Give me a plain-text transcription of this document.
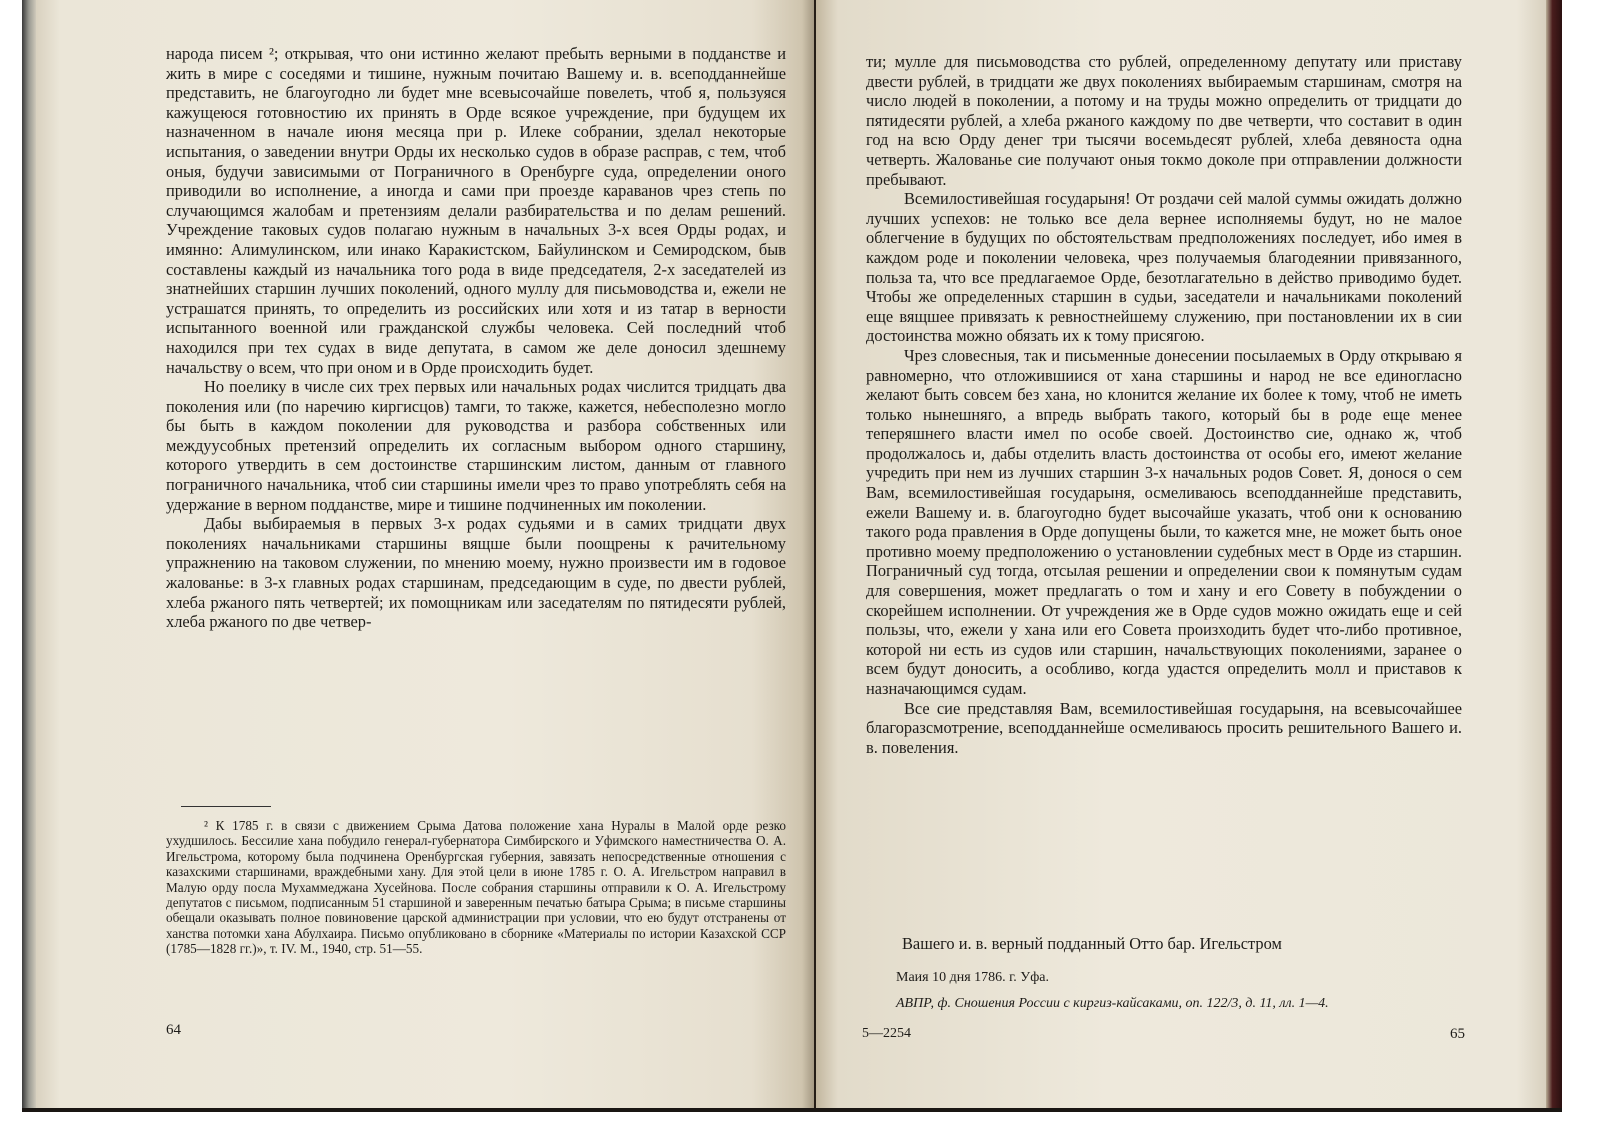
народа писем ²; открывая, что они истинно желают пребыть верными в подданстве и жить в мире с соседями и тишине, нужным почитаю Вашему и. в. всеподданнейше представить, не благоугодно ли будет мне всевысочайше повелеть, чтоб я, пользуяся кажущеюся готовностию их принять в Орде всякое учреждение, при будущем их назначенном в начале июня месяца при р. Илеке собрании, зделал некоторые испытания, о заведении внутри Орды их несколько судов в образе расправ, с тем, чтоб оныя, будучи зависимыми от Пограничного в Оренбурге суда, определении оного приводили во исполнение, а иногда и сами при проезде караванов чрез степь по случающимся жалобам и претензиям делали разбирательства и по делам решений. Учреждение таковых судов полагаю нужным в начальных 3-х всея Орды родах, и имянно: Алимулинском, или инако Каракистском, Байулинском и Семиродском, быв составлены каждый из начальника того рода в виде председателя, 2-х заседателей из знатнейших старшин лучших поколений, одного муллу для письмоводства и, ежели не устрашатся принять, то определить из российских или хотя и из татар в верности испытанного военной или гражданской службы человека. Сей последний чтоб находился при тех судах в виде депутата, в самом же деле доносил здешнему начальству о всем, что при оном и в Орде происходить будет.

Но поелику в числе сих трех первых или начальных родах числится тридцать два поколения или (по наречию киргисцов) тамги, то также, кажется, небесполезно могло бы быть в каждом поколении для руководства и разбора собственных или междуусобных претензий определить их согласным выбором одного старшину, которого утвердить в сем достоинстве старшинским листом, данным от главного пограничного начальника, чтоб сии старшины имели чрез то право употреблять себя на удержание в верном подданстве, мире и тишине подчиненных им поколении.

Дабы выбираемыя в первых 3-х родах судьями и в самих тридцати двух поколениях начальниками старшины вящше были поощрены к рачительному упражнению на таковом служении, по мнению моему, нужно произвести им в годовое жалованье: в 3-х главных родах старшинам, председающим в суде, по двести рублей, хлеба ржаного пять четвертей; их помощникам или заседателям по пятидесяти рублей, хлеба ржаного по две четвер-

² К 1785 г. в связи с движением Срыма Датова положение хана Нуралы в Малой орде резко ухудшилось. Бессилие хана побудило генерал-губернатора Симбирского и Уфимского наместничества О. А. Игельстрома, которому была подчинена Оренбургская губерния, завязать непосредственные отношения с казахскими старшинами, враждебными хану. Для этой цели в июне 1785 г. О. А. Игельстром направил в Малую орду посла Мухаммеджана Хусейнова. После собрания старшины отправили к О. А. Игельстрому депутатов с письмом, подписанным 51 старшиной и заверенным печатью батыра Срыма; в письме старшины обещали оказывать полное повиновение царской администрации при условии, что ею будут отстранены от ханства потомки хана Абулхаира. Письмо опубликовано в сборнике «Материалы по истории Казахской ССР (1785—1828 гг.)», т. IV. М., 1940, стр. 51—55.

64

ти; мулле для письмоводства сто рублей, определенному депутату или приставу двести рублей, в тридцати же двух поколениях выбираемым старшинам, смотря на число людей в поколении, а потому и на труды можно определить от тридцати до пятидесяти рублей, а хлеба ржаного каждому по две четверти, что составит в один год на всю Орду денег три тысячи восемьдесят рублей, хлеба девяноста одна четверть. Жалованье сие получают оныя токмо доколе при отправлении должности пребывают.

Всемилостивейшая государыня! От роздачи сей малой суммы ожидать должно лучших успехов: не только все дела вернее исполняемы будут, но не малое облегчение в будущих по обстоятельствам предположениях последует, ибо имея в каждом роде и поколении человека, чрез получаемыя благодеянии привязанного, польза та, что все предлагаемое Орде, безотлагательно в действо приводимо будет. Чтобы же определенных старшин в судьи, заседатели и начальниками поколений еще вящшее привязать к ревностнейшему служению, при постановлении их в сии достоинства можно обязать их к тому присягою.

Чрез словесныя, так и письменные донесении посылаемых в Орду открываю я равномерно, что отложившиися от хана старшины и народ не все единогласно желают быть совсем без хана, но клонится желание их более к тому, чтоб не иметь только нынешняго, а впредь выбрать такого, который бы в роде еще менее теперяшнего власти имел по особе своей. Достоинство сие, однако ж, чтоб продолжалось и, дабы отделить власть достоинства от особы его, имеют желание учредить при нем из лучших старшин 3-х начальных родов Совет. Я, донося о сем Вам, всемилостивейшая государыня, осмеливаюсь всеподданнейше представить, ежели Вашему и. в. благоугодно будет высочайше указать, чтоб они к основанию такого рода правления в Орде допущены были, то кажется мне, не может быть оное противно моему предположению о установлении судебных мест в Орде из старшин. Пограничный суд тогда, отсылая решении и определении свои к помянутым судам для совершения, может предлагать о том и хану и его Совету в побуждении о скорейшем исполнении. От учреждения же в Орде судов можно ожидать еще и сей пользы, что, ежели у хана или его Совета произходить будет что-либо противное, которой ни есть из судов или старшин, начальствующих поколениями, заранее о всем будут доносить, а особливо, когда удастся определить молл и приставов к назначающимся судам.

Все сие представляя Вам, всемилостивейшая государыня, на всевысочайшее благоразсмотрение, всеподданнейше осмеливаюсь просить решительного Вашего и. в. повеления.

Вашего и. в. верный подданный Отто бар. Игельстром
Маия 10 дня 1786. г. Уфа.
АВПР, ф. Сношения России с киргиз-кайсаками, оп. 122/3, д. 11, лл. 1—4.
5—2254	65
